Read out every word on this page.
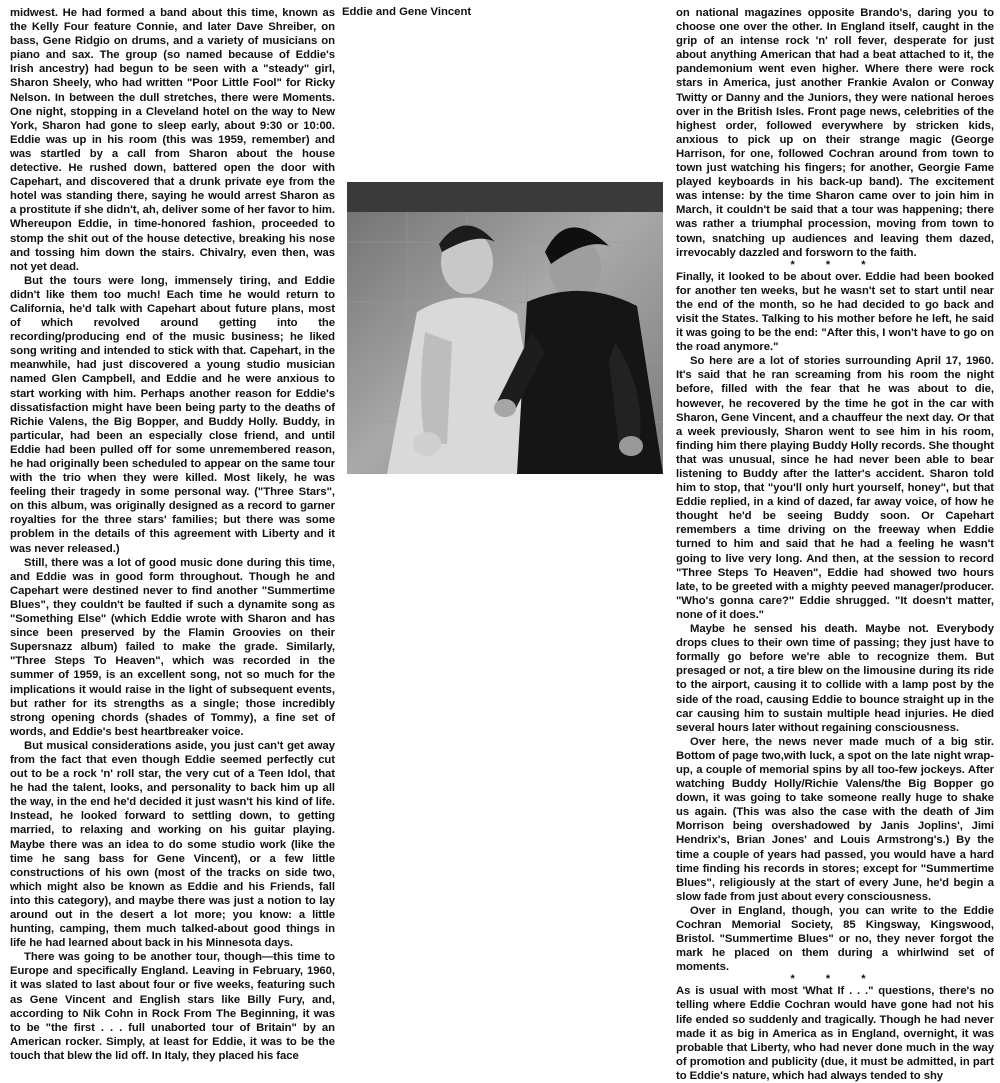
midwest. He had formed a band about this time, known as the Kelly Four feature Connie, and later Dave Shreiber, on bass, Gene Ridgio on drums, and a variety of musicians on piano and sax. The group (so named because of Eddie's Irish ancestry) had begun to be seen with a "steady" girl, Sharon Sheely, who had written "Poor Little Fool" for Ricky Nelson. In between the dull stretches, there were Moments. One night, stopping in a Cleveland hotel on the way to New York, Sharon had gone to sleep early, about 9:30 or 10:00. Eddie was up in his room (this was 1959, remember) and was startled by a call from Sharon about the house detective. He rushed down, battered open the door with Capehart, and discovered that a drunk private eye from the hotel was standing there, saying he would arrest Sharon as a prostitute if she didn't, ah, deliver some of her favor to him. Whereupon Eddie, in time-honored fashion, proceeded to stomp the shit out of the house detective, breaking his nose and tossing him down the stairs. Chivalry, even then, was not yet dead.

But the tours were long, immensely tiring, and Eddie didn't like them too much! Each time he would return to California, he'd talk with Capehart about future plans, most of which revolved around getting into the recording/producing end of the music business; he liked song writing and intended to stick with that. Capehart, in the meanwhile, had just discovered a young studio musician named Glen Campbell, and Eddie and he were anxious to start working with him. Perhaps another reason for Eddie's dissatisfaction might have been being party to the deaths of Richie Valens, the Big Bopper, and Buddy Holly. Buddy, in particular, had been an especially close friend, and until Eddie had been pulled off for some unremembered reason, he had originally been scheduled to appear on the same tour with the trio when they were killed. Most likely, he was feeling their tragedy in some personal way. ("Three Stars", on this album, was originally designed as a record to garner royalties for the three stars' families; but there was some problem in the details of this agreement with Liberty and it was never released.)

Still, there was a lot of good music done during this time, and Eddie was in good form throughout. Though he and Capehart were destined never to find another "Summertime Blues", they couldn't be faulted if such a dynamite song as "Something Else" (which Eddie wrote with Sharon and has since been preserved by the Flamin Groovies on their Supersnazz album) failed to make the grade. Similarly, "Three Steps To Heaven", which was recorded in the summer of 1959, is an excellent song, not so much for the implications it would raise in the light of subsequent events, but rather for its strengths as a single; those incredibly strong opening chords (shades of Tommy), a fine set of words, and Eddie's best heartbreaker voice.

But musical considerations aside, you just can't get away from the fact that even though Eddie seemed perfectly cut out to be a rock 'n' roll star, the very cut of a Teen Idol, that he had the talent, looks, and personality to back him up all the way, in the end he'd decided it just wasn't his kind of life. Instead, he looked forward to settling down, to getting married, to relaxing and working on his guitar playing. Maybe there was an idea to do some studio work (like the time he sang bass for Gene Vincent), or a few little constructions of his own (most of the tracks on side two, which might also be known as Eddie and his Friends, fall into this category), and maybe there was just a notion to lay around out in the desert a lot more; you know: a little hunting, camping, them much talked-about good things in life he had learned about back in his Minnesota days.

There was going to be another tour, though—this time to Europe and specifically England. Leaving in February, 1960, it was slated to last about four or five weeks, featuring such as Gene Vincent and English stars like Billy Fury, and, according to Nik Cohn in Rock From The Beginning, it was to be "the first . . . full unaborted tour of Britain" by an American rocker. Simply, at least for Eddie, it was to be the touch that blew the lid off. In Italy, they placed his face

Eddie and Gene Vincent	on national magazines opposite Brando's, daring you to choose one over the other. In England itself, caught in the grip of an intense rock 'n' roll fever, desperate for just about anything American that had a beat attached to it, the pandemonium went even higher. Where there were rock stars in America, just another Frankie Avalon or Conway Twitty or Danny and the Juniors, they were national heroes over in the British Isles. Front page news, celebrities of the highest order, followed everywhere by stricken kids, anxious to pick up on their strange magic (George Harrison, for one, followed Cochran around from town to town just watching his fingers; for another, Georgie Fame played keyboards in his back-up band). The excitement was intense: by the time Sharon came over to join him in March, it couldn't be said that a tour was happening; there was rather a triumphal procession, moving from town to town, snatching up audiences and leaving them dazed, irrevocably dazzled and forsworn to the faith.

* * *

Finally, it looked to be about over. Eddie had been booked for another ten weeks, but he wasn't set to start until near the end of the month, so he had decided to go back and visit the States. Talking to his mother before he left, he said it was going to be the end: "After this, I won't have to go on the road anymore."

So here are a lot of stories surrounding April 17, 1960. It's said that he ran screaming from his room the night before, filled with the fear that he was about to die, however, he recovered by the time he got in the car with Sharon, Gene Vincent, and a chauffeur the next day. Or that a week previously, Sharon went to see him in his room, finding him there playing Buddy Holly records. She thought that was unusual, since he had never been able to bear listening to Buddy after the latter's accident. Sharon told him to stop, that "you'll only hurt yourself, honey", but that Eddie replied, in a kind of dazed, far away voice, of how he thought he'd be seeing Buddy soon. Or Capehart remembers a time driving on the freeway when Eddie turned to him and said that he had a feeling he wasn't going to live very long. And then, at the session to record "Three Steps To Heaven", Eddie had showed two hours late, to be greeted with a mighty peeved manager/producer. "Who's gonna care?" Eddie shrugged. "It doesn't matter, none of it does."

Maybe he sensed his death. Maybe not. Everybody drops clues to their own time of passing; they just have to formally go before we're able to recognize them. But presaged or not, a tire blew on the limousine during its ride to the airport, causing it to collide with a lamp post by the side of the road, causing Eddie to bounce straight up in the car causing him to sustain multiple head injuries. He died several hours later without regaining consciousness.

Over here, the news never made much of a big stir. Bottom of page two,with luck, a spot on the late night wrap-up, a couple of memorial spins by all too-few jockeys. After watching Buddy Holly/Richie Valens/the Big Bopper go down, it was going to take someone really huge to shake us again. (This was also the case with the death of Jim Morrison being overshadowed by Janis Joplins', Jimi Hendrix's, Brian Jones' and Louis Armstrong's.) By the time a couple of years had passed, you would have a hard time finding his records in stores; except for "Summertime Blues", religiously at the start of every June, he'd begin a slow fade from just about every consciousness.

Over in England, though, you can write to the Eddie Cochran Memorial Society, 85 Kingsway, Kingswood, Bristol. "Summertime Blues" or no, they never forgot the mark he placed on them during a whirlwind set of moments.

* * *

As is usual with most 'What If . . ." questions, there's no telling where Eddie Cochran would have gone had not his life ended so suddenly and tragically. Though he had never made it as big in America as in England, overnight, it was probable that Liberty, who had never done much in the way of promotion and publicity (due, it must be admitted, in part to Eddie's nature, which had always tended to shy
